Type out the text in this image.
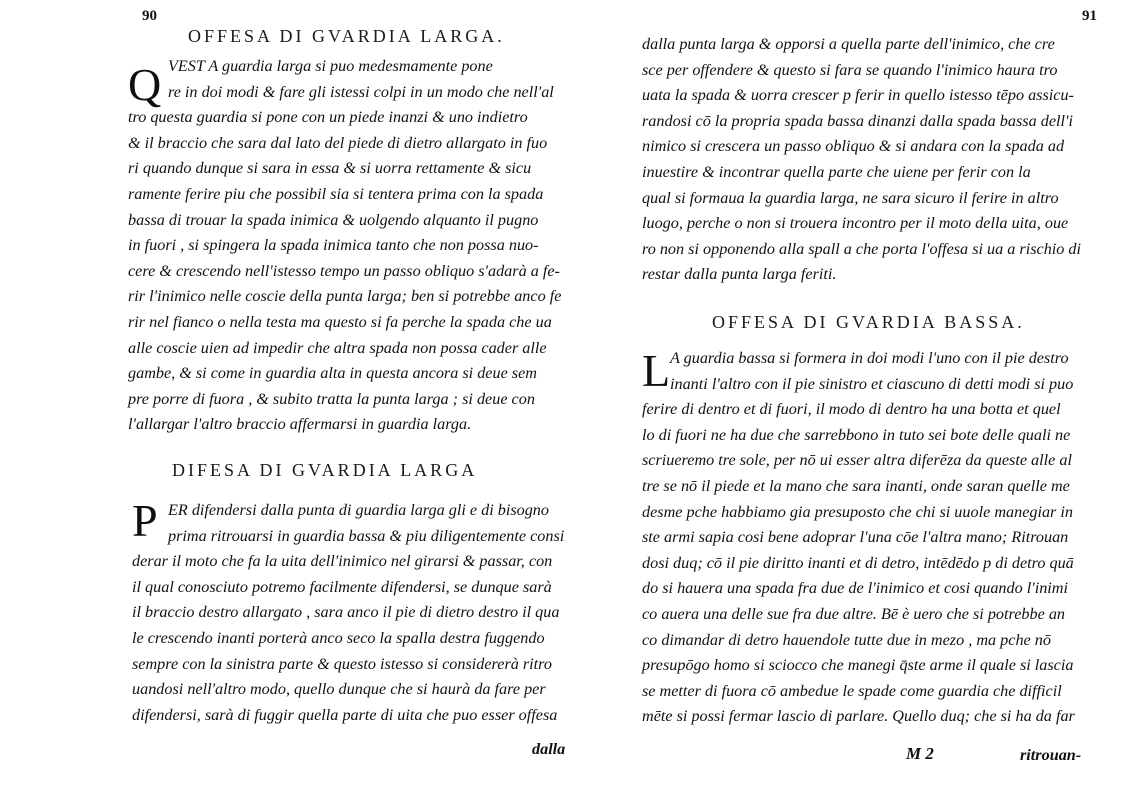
90
OFFESA DI GVARDIA LARGA.
Q VEST A guardia larga si puo medesmamente pone
re in doi modi & fare gli istessi colpi in un modo che nell'al
tro questa guardia si pone con un piede inanzi & uno indietro
& il braccio che sara dal lato del piede di dietro allargato in fuo
ri quando dunque si sara in essa & si uorra rettamente & sicu
ramente ferire piu che possibil sia si tentera prima con la spada
bassa di trouar la spada inimica & uolgendo alquanto il pugno
in fuori , si spingera la spada inimica tanto che non possa nuo-
cere & crescendo nell'istesso tempo un passo obliquo s'adarà a fe-
rir l'inimico nelle coscie della punta larga; ben si potrebbe anco fe
rir nel fianco o nella testa ma questo si fa perche la spada che ua
alle coscie uien ad impedir che altra spada non possa cader alle
gambe, & si come in guardia alta in questa ancora si deue sem
pre porre di fuora , & subito tratta la punta larga ; si deue con
l'allargar l'altro braccio affermarsi in guardia larga.
DIFESA DI GVARDIA LARGA
P ER difendersi dalla punta di guardia larga gli e di bisogno
prima ritrouarsi in guardia bassa & piu diligentemente consi
derar il moto che fa la uita dell'inimico nel girarsi & passar, con
il qual conosciuto potremo facilmente difendersi, se dunque sarà
il braccio destro allargato , sara anco il pie di dietro destro il qua
le crescendo inanti porterà anco seco la spalla destra fuggendo
sempre con la sinistra parte & questo istesso si considererà ritro
uandosi nell'altro modo, quello dunque che si haurà da fare per
difendersi, sarà di fuggir quella parte di uita che puo esser offesa
dalla
91
dalla punta larga & opporsi a quella parte dell'inimico, che cre
sce per offendere & questo si fara se quando l'inimico haura tro
uata la spada & uorra crescer p ferir in quello istesso tēpo assicu-
randosi cō la propria spada bassa dinanzi dalla spada bassa dell'i
nimico si crescera un passo obliquo & si andara con la spada ad
inuestire & incontrar quella parte che uiene per ferir con la
qual si formaua la guardia larga, ne sara sicuro il ferire in altro
luogo, perche o non si trouera incontro per il moto della uita, oue
ro non si opponendo alla spall a che porta l'offesa si ua a rischio di
restar dalla punta larga feriti.
OFFESA DI GVARDIA BASSA.
L A guardia bassa si formera in doi modi l'uno con il pie destro
inanti l'altro con il pie sinistro et ciascuno di detti modi si puo
ferire di dentro et di fuori, il modo di dentro ha una botta et quel
lo di fuori ne ha due che sarrebbono in tuto sei bote delle quali ne
scriueremo tre sole, per nō ui esser altra diferēza da queste alle al
tre se nō il piede et la mano che sara inanti, onde saran quelle me
desme pche habbiamo gia presuposto che chi si uuole manegiar in
ste armi sapia cosi bene adoprar l'una cōe l'altra mano; Ritrouan
dosi duq; cō il pie diritto inanti et di detro, intēdēdo p di detro quā
do si hauera una spada fra due de l'inimico et cosi quando l'inimi
co auera una delle sue fra due altre. Bē è uero che si potrebbe an
co dimandar di detro hauendole tutte due in mezo , ma pche nō
presupōgo homo si sciocco che manegi q̄ste arme il quale si lascia
se metter di fuora cō ambedue le spade come guardia che difficil
mēte si possi fermar lascio di parlare. Quello duq; che si ha da far
M 2	ritrouan-
